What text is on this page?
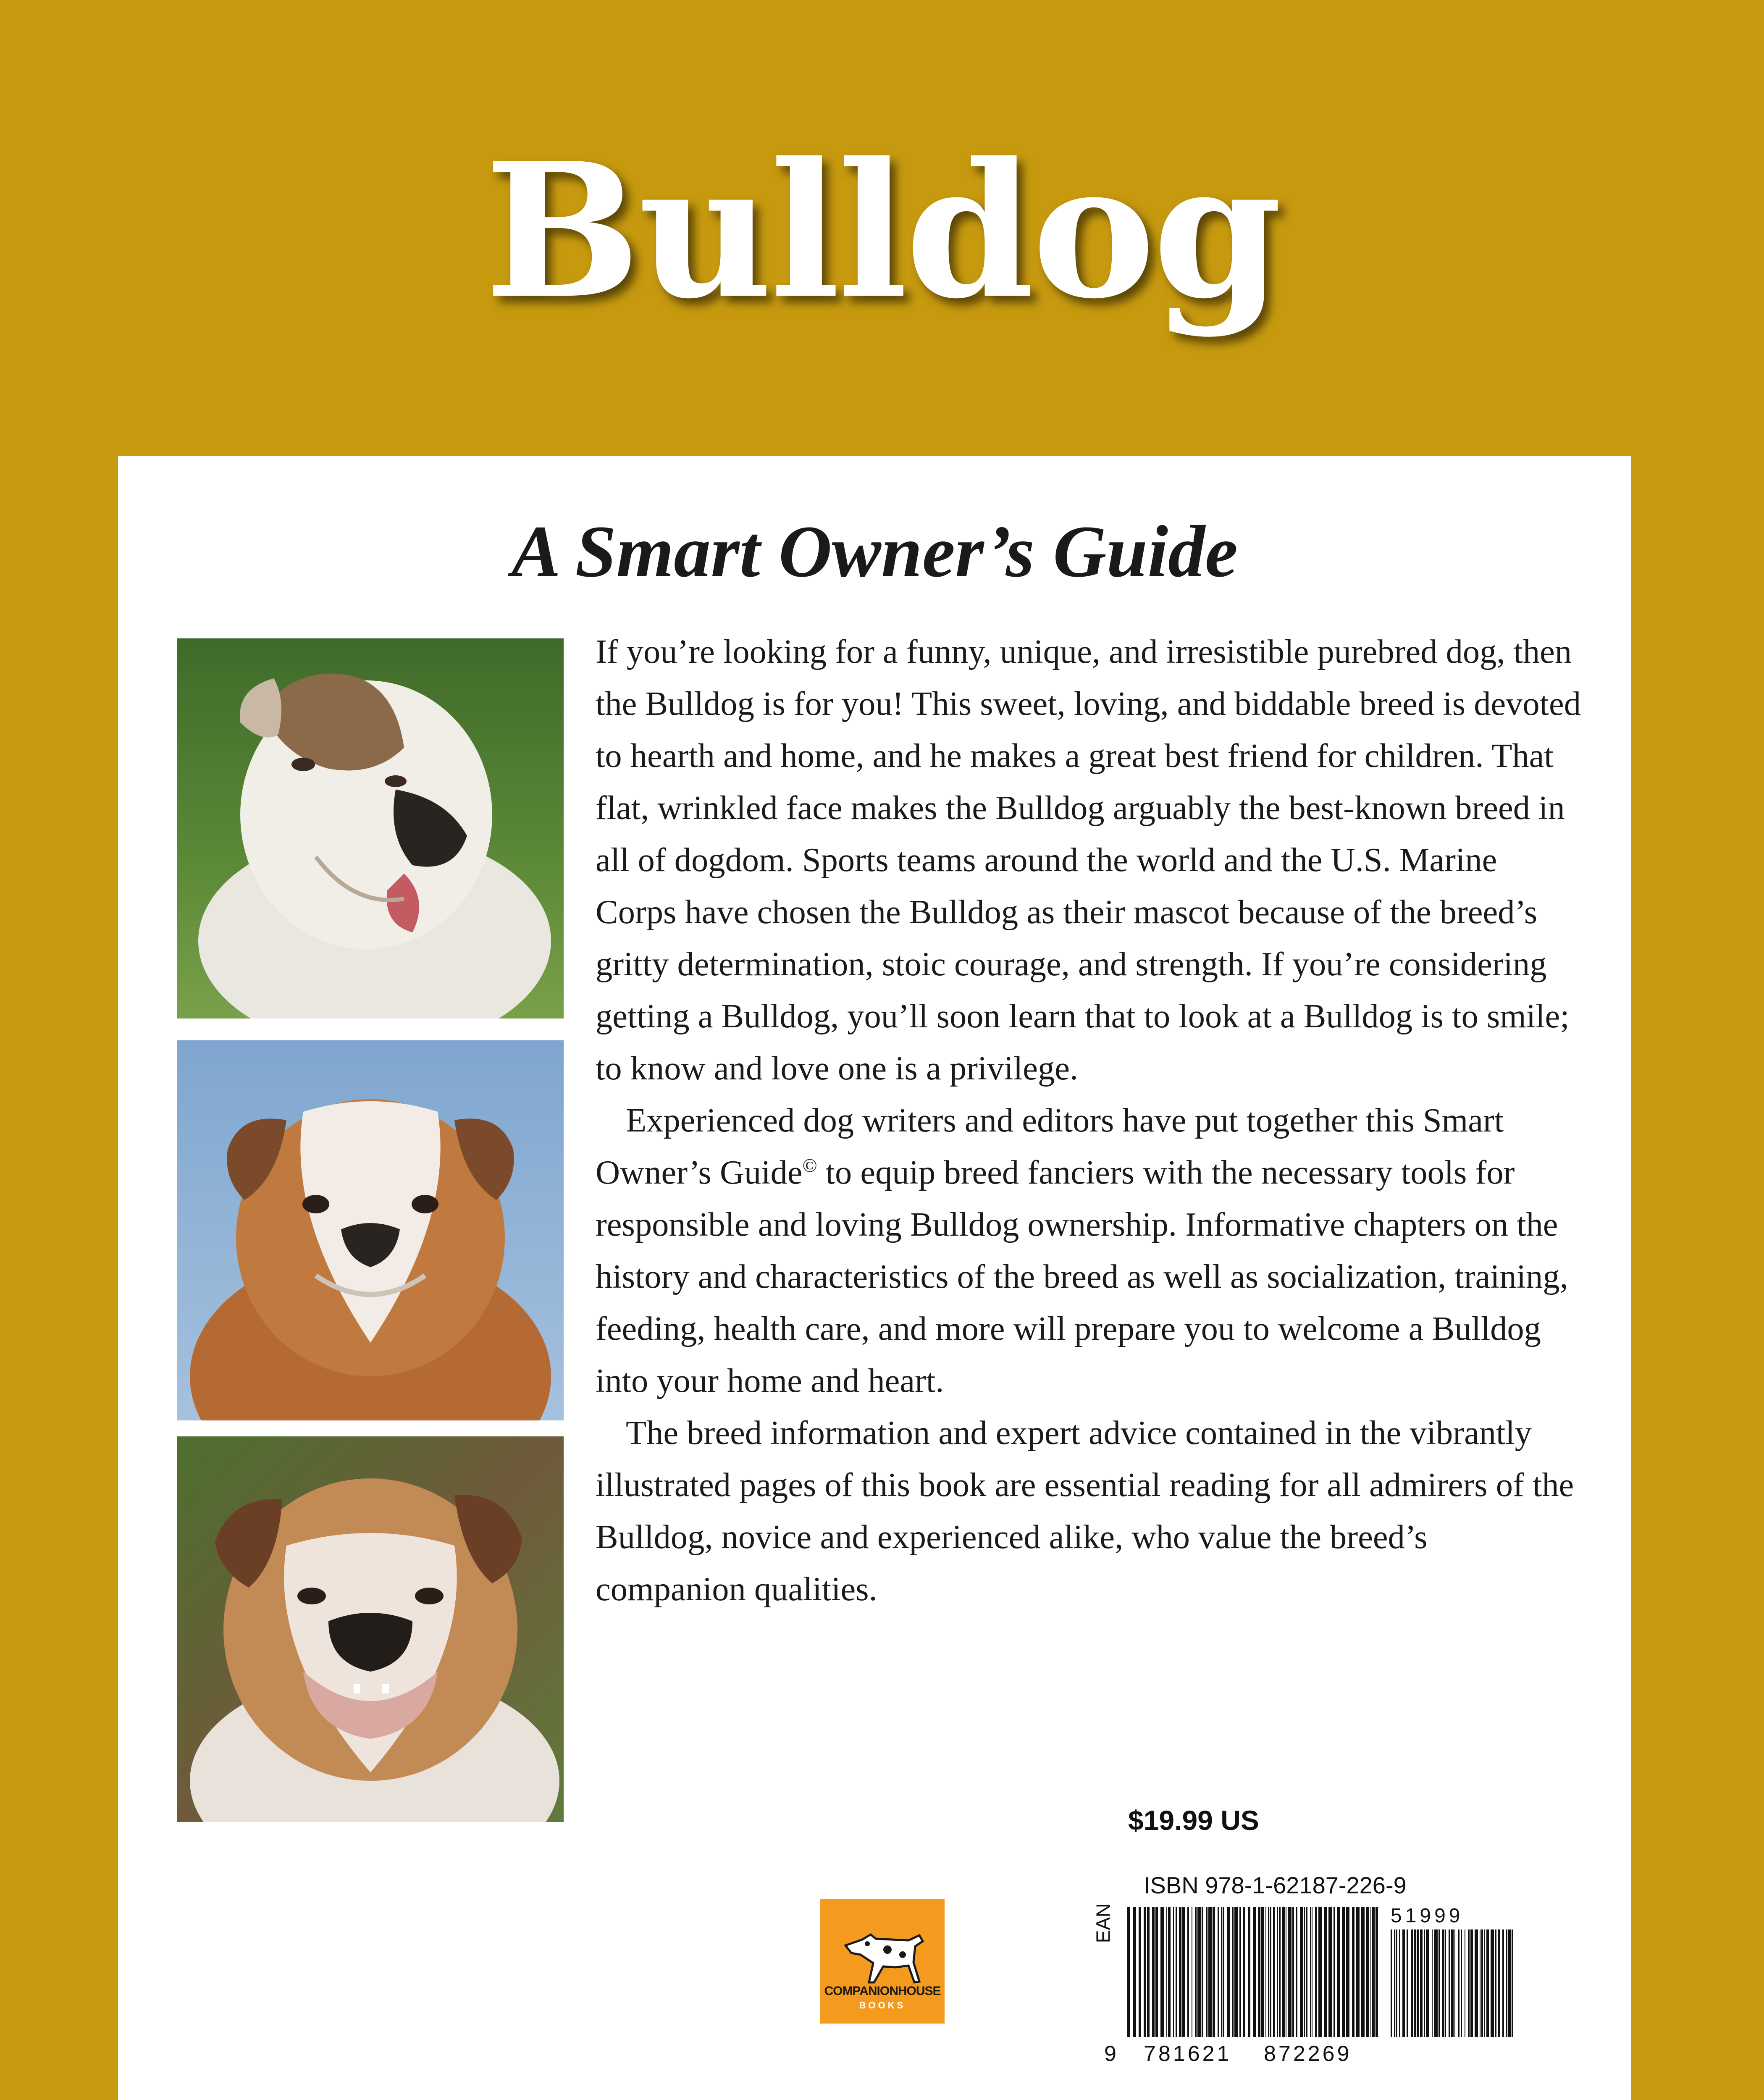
Bulldog
A Smart Owner’s Guide

If you’re looking for a funny, unique, and irresistible purebred dog, then the Bulldog is for you! This sweet, loving, and biddable breed is devoted to hearth and home, and he makes a great best friend for children. That flat, wrinkled face makes the Bulldog arguably the best-known breed in all of dogdom. Sports teams around the world and the U.S. Marine Corps have chosen the Bulldog as their mascot because of the breed’s gritty determination, stoic courage, and strength. If you’re considering getting a Bulldog, you’ll soon learn that to look at a Bulldog is to smile; to know and love one is a privilege.

Experienced dog writers and editors have put together this Smart Owner’s Guide© to equip breed fanciers with the necessary tools for responsible and loving Bulldog ownership. Informative chapters on the history and characteristics of the breed as well as socialization, training, feeding, health care, and more will prepare you to welcome a Bulldog into your home and heart.

The breed information and expert advice contained in the vibrantly illustrated pages of this book are essential reading for all admirers of the Bulldog, novice and experienced alike, who value the breed’s companion qualities.

$19.99 US
COMPANIONHOUSE
BOOKS
ISBN 978-1-62187-226-9
EAN	51999
9 781621 872269
